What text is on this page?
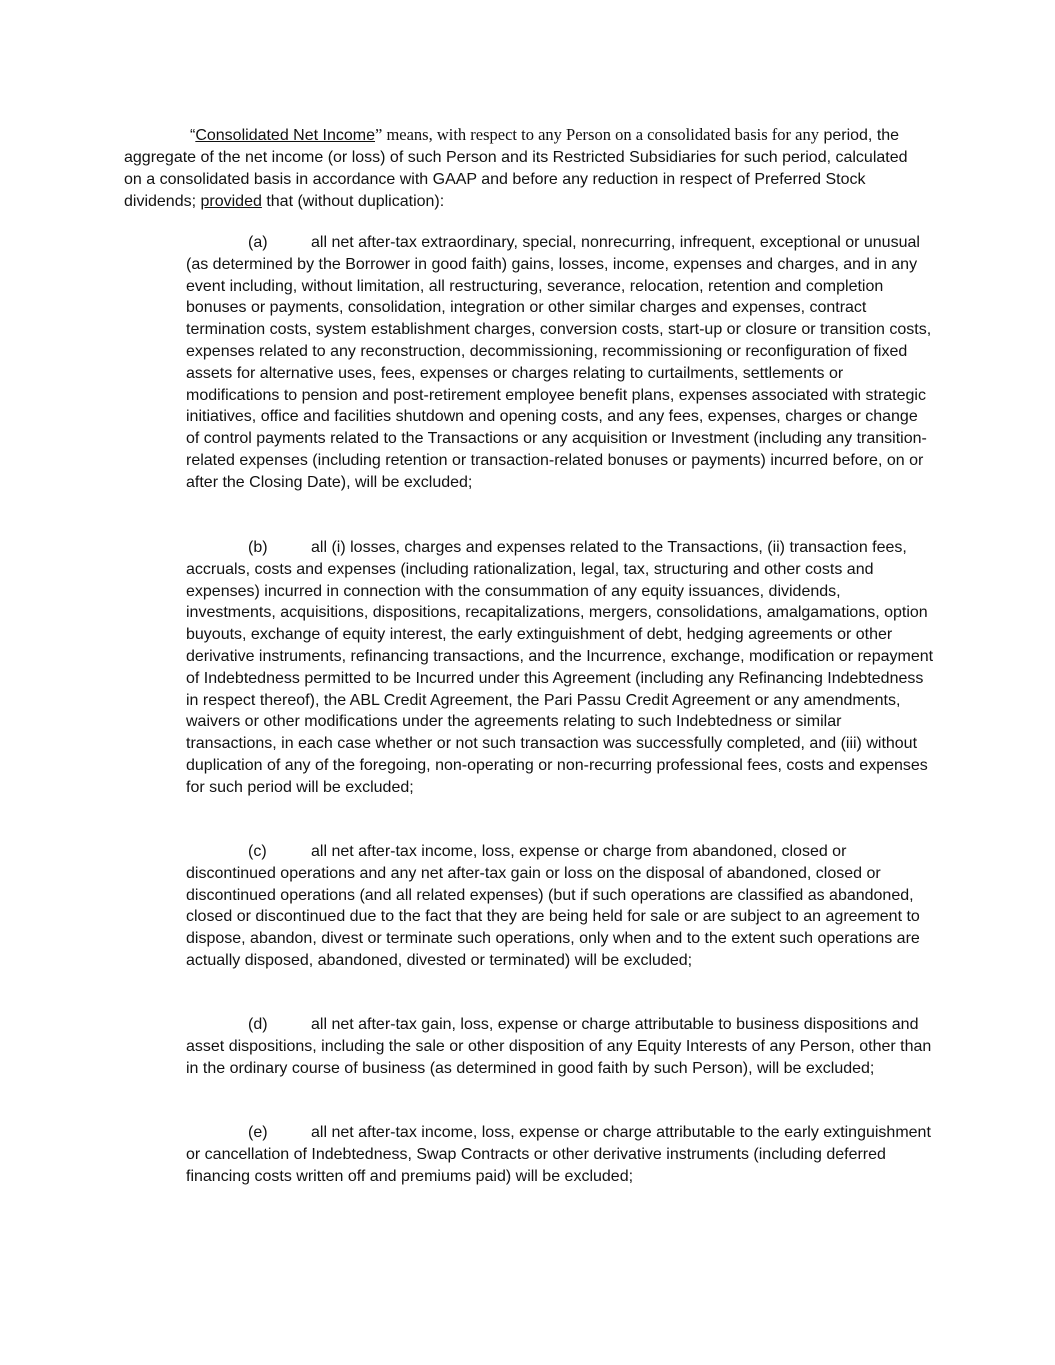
“Consolidated Net Income” means, with respect to any Person on a consolidated basis for any period, the aggregate of the net income (or loss) of such Person and its Restricted Subsidiaries for such period, calculated on a consolidated basis in accordance with GAAP and before any reduction in respect of Preferred Stock dividends; provided that (without duplication):

(a)	all net after-tax extraordinary, special, nonrecurring, infrequent, exceptional or unusual (as determined by the Borrower in good faith) gains, losses, income, expenses and charges, and in any event including, without limitation, all restructuring, severance, relocation, retention and completion bonuses or payments, consolidation, integration or other similar charges and expenses, contract termination costs, system establishment charges, conversion costs, start-up or closure or transition costs, expenses related to any reconstruction, decommissioning, recommissioning or reconfiguration of fixed assets for alternative uses, fees, expenses or charges relating to curtailments, settlements or modifications to pension and post-retirement employee benefit plans, expenses associated with strategic initiatives, office and facilities shutdown and opening costs, and any fees, expenses, charges or change of control payments related to the Transactions or any acquisition or Investment (including any transition-related expenses (including retention or transaction-related bonuses or payments) incurred before, on or after the Closing Date), will be excluded;

(b)	all (i) losses, charges and expenses related to the Transactions, (ii) transaction fees, accruals, costs and expenses (including rationalization, legal, tax, structuring and other costs and expenses) incurred in connection with the consummation of any equity issuances, dividends, investments, acquisitions, dispositions, recapitalizations, mergers, consolidations, amalgamations, option buyouts, exchange of equity interest, the early extinguishment of debt, hedging agreements or other derivative instruments, refinancing transactions, and the Incurrence, exchange, modification or repayment of Indebtedness permitted to be Incurred under this Agreement (including any Refinancing Indebtedness in respect thereof), the ABL Credit Agreement, the Pari Passu Credit Agreement or any amendments, waivers or other modifications under the agreements relating to such Indebtedness or similar transactions, in each case whether or not such transaction was successfully completed, and (iii) without duplication of any of the foregoing, non-operating or non-recurring professional fees, costs and expenses for such period will be excluded;

(c)	all net after-tax income, loss, expense or charge from abandoned, closed or discontinued operations and any net after-tax gain or loss on the disposal of abandoned, closed or discontinued operations (and all related expenses) (but if such operations are classified as abandoned, closed or discontinued due to the fact that they are being held for sale or are subject to an agreement to dispose, abandon, divest or terminate such operations, only when and to the extent such operations are actually disposed, abandoned, divested or terminated) will be excluded;

(d)	all net after-tax gain, loss, expense or charge attributable to business dispositions and asset dispositions, including the sale or other disposition of any Equity Interests of any Person, other than in the ordinary course of business (as determined in good faith by such Person), will be excluded;

(e)	all net after-tax income, loss, expense or charge attributable to the early extinguishment or cancellation of Indebtedness, Swap Contracts or other derivative instruments (including deferred financing costs written off and premiums paid) will be excluded;
